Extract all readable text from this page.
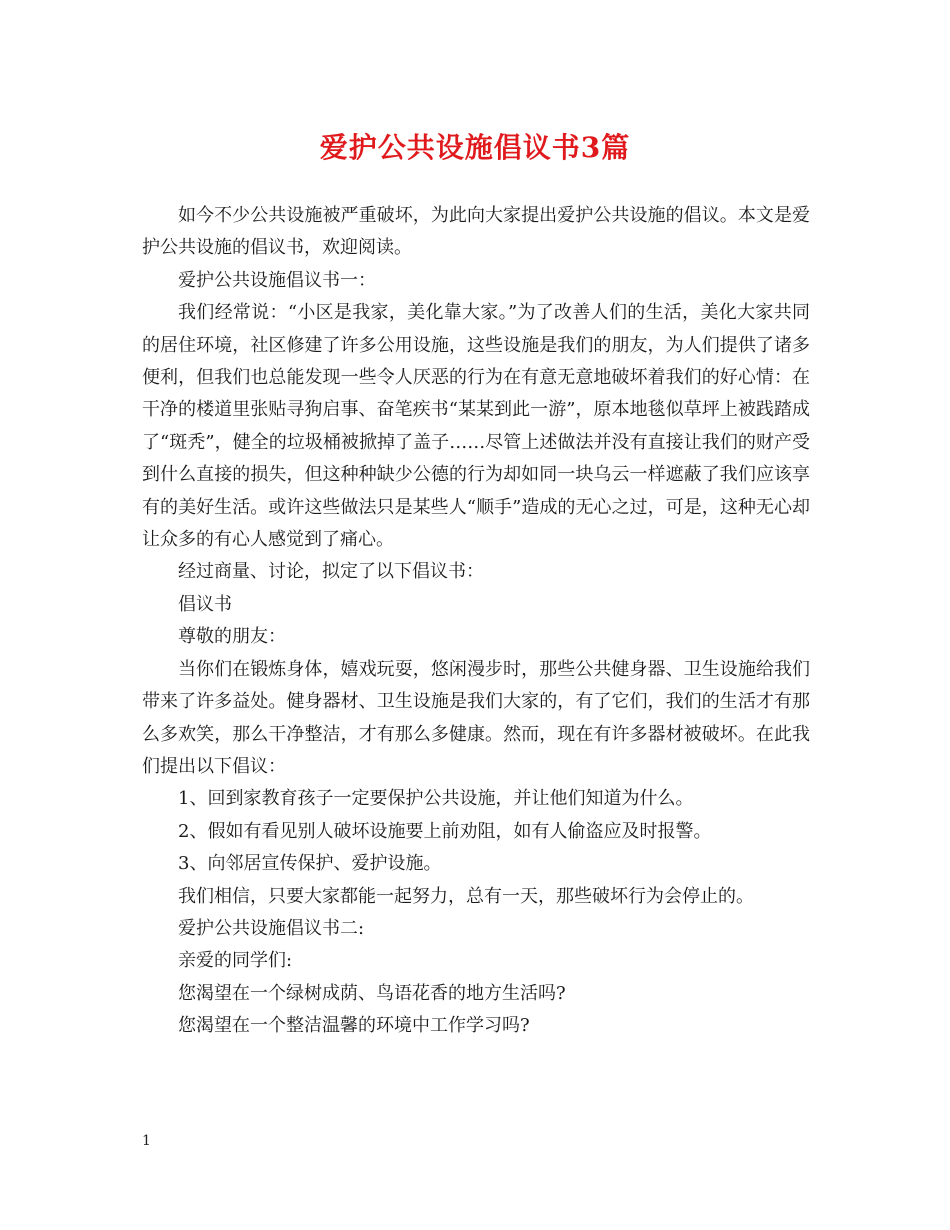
爱护公共设施倡议书3篇

如今不少公共设施被严重破坏，为此向大家提出爱护公共设施的倡议。本文是爱护公共设施的倡议书，欢迎阅读。

爱护公共设施倡议书一：

我们经常说：“小区是我家，美化靠大家。”为了改善人们的生活，美化大家共同的居住环境，社区修建了许多公用设施，这些设施是我们的朋友，为人们提供了诸多便利，但我们也总能发现一些令人厌恶的行为在有意无意地破坏着我们的好心情：在干净的楼道里张贴寻狗启事、奋笔疾书“某某到此一游”，原本地毯似草坪上被践踏成了“斑秃”，健全的垃圾桶被掀掉了盖子……尽管上述做法并没有直接让我们的财产受到什么直接的损失，但这种种缺少公德的行为却如同一块乌云一样遮蔽了我们应该享有的美好生活。或许这些做法只是某些人“顺手”造成的无心之过，可是，这种无心却让众多的有心人感觉到了痛心。

经过商量、讨论，拟定了以下倡议书：

倡议书

尊敬的朋友：

当你们在锻炼身体，嬉戏玩耍，悠闲漫步时，那些公共健身器、卫生设施给我们带来了许多益处。健身器材、卫生设施是我们大家的，有了它们，我们的生活才有那么多欢笑，那么干净整洁，才有那么多健康。然而，现在有许多器材被破坏。在此我们提出以下倡议：

1、回到家教育孩子一定要保护公共设施，并让他们知道为什么。

2、假如有看见别人破坏设施要上前劝阻，如有人偷盗应及时报警。

3、向邻居宣传保护、爱护设施。

我们相信，只要大家都能一起努力，总有一天，那些破坏行为会停止的。

爱护公共设施倡议书二:

亲爱的同学们:

您渴望在一个绿树成荫、鸟语花香的地方生活吗?

您渴望在一个整洁温馨的环境中工作学习吗?

1
